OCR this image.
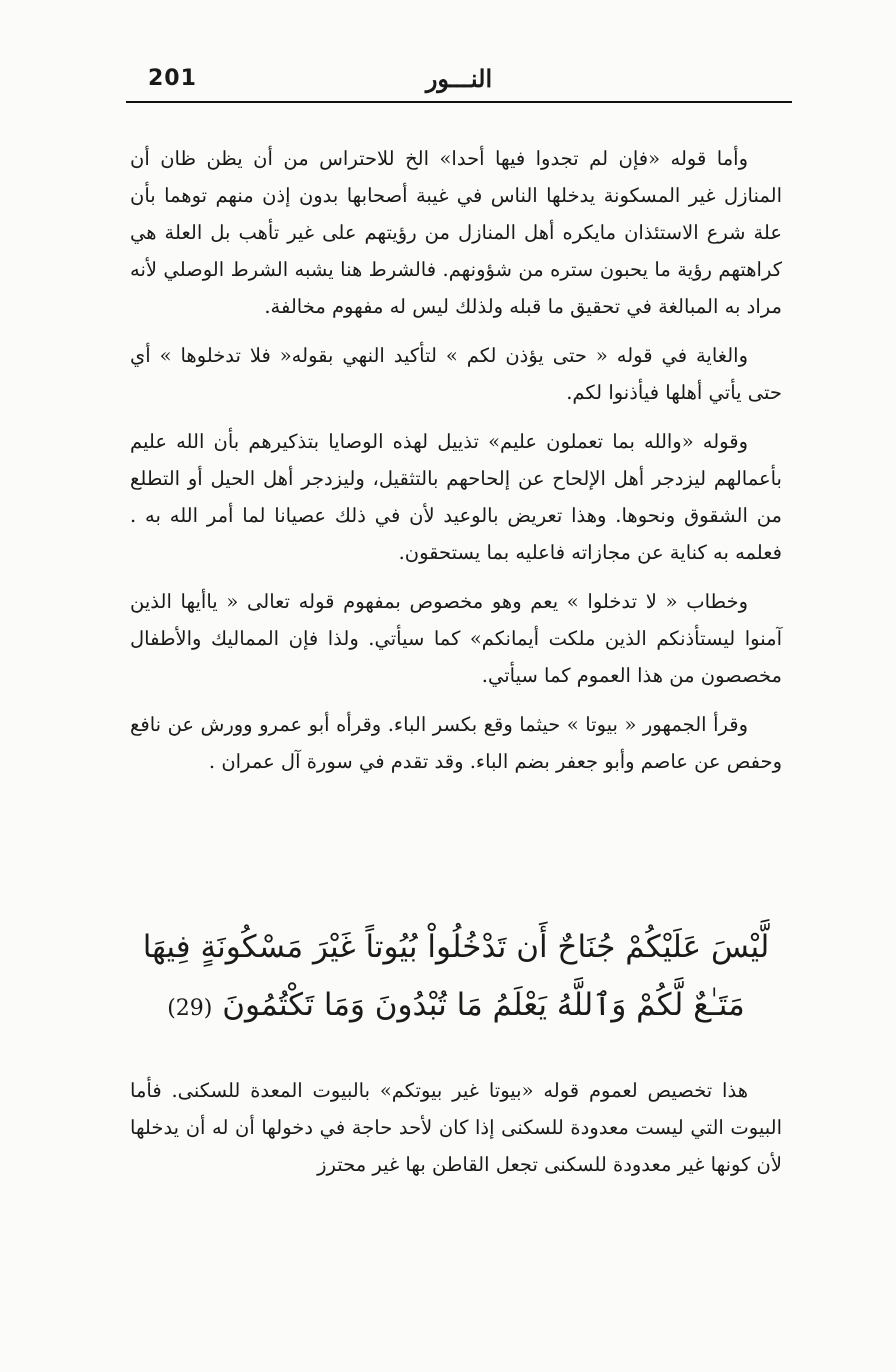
201	النـــور

وأما قوله «فإن لم تجدوا فيها أحدا» الخ للاحتراس من أن يظن ظان أن المنازل غير المسكونة يدخلها الناس في غيبة أصحابها بدون إذن منهم توهما بأن علة شرع الاستئذان مايكره أهل المنازل من رؤيتهم على غير تأهب بل العلة هي كراهتهم رؤية ما يحبون ستره من شؤونهم. فالشرط هنا يشبه الشرط الوصلي لأنه مراد به المبالغة في تحقيق ما قبله ولذلك ليس له مفهوم مخالفة.

والغاية في قوله « حتى يؤذن لكم » لتأكيد النهي بقوله« فلا تدخلوها » أي حتى يأتي أهلها فيأذنوا لكم.

وقوله «والله بما تعملون عليم» تذييل لهذه الوصايا بتذكيرهم بأن الله عليم بأعمالهم ليزدجر أهل الإلحاح عن إلحاحهم بالتثقيل، وليزدجر أهل الحيل أو التطلع من الشقوق ونحوها. وهذا تعريض بالوعيد لأن في ذلك عصيانا لما أمر الله به . فعلمه به كناية عن مجازاته فاعليه بما يستحقون.

وخطاب « لا تدخلوا » يعم وهو مخصوص بمفهوم قوله تعالى « ياأيها الذين آمنوا ليستأذنكم الذين ملكت أيمانكم» كما سيأتي. ولذا فإن المماليك والأطفال مخصصون من هذا العموم كما سيأتي.

وقرأ الجمهور « بيوتا » حيثما وقع بكسر الباء. وقرأه أبو عمرو وورش عن نافع وحفص عن عاصم وأبو جعفر بضم الباء. وقد تقدم في سورة آل عمران .

لَّيْسَ عَلَيْكُمْ جُنَاحٌ أَن تَدْخُلُواْ بُيُوتاً غَيْرَ مَسْكُونَةٍ فِيهَا مَتَـٰعٌ لَّكُمْ وَٱللَّهُ يَعْلَمُ مَا تُبْدُونَ وَمَا تَكْتُمُونَ (29)

هذا تخصيص لعموم قوله «بيوتا غير بيوتكم» بالبيوت المعدة للسكنى. فأما البيوت التي ليست معدودة للسكنى إذا كان لأحد حاجة في دخولها أن له أن يدخلها لأن كونها غير معدودة للسكنى تجعل القاطن بها غير محترز
